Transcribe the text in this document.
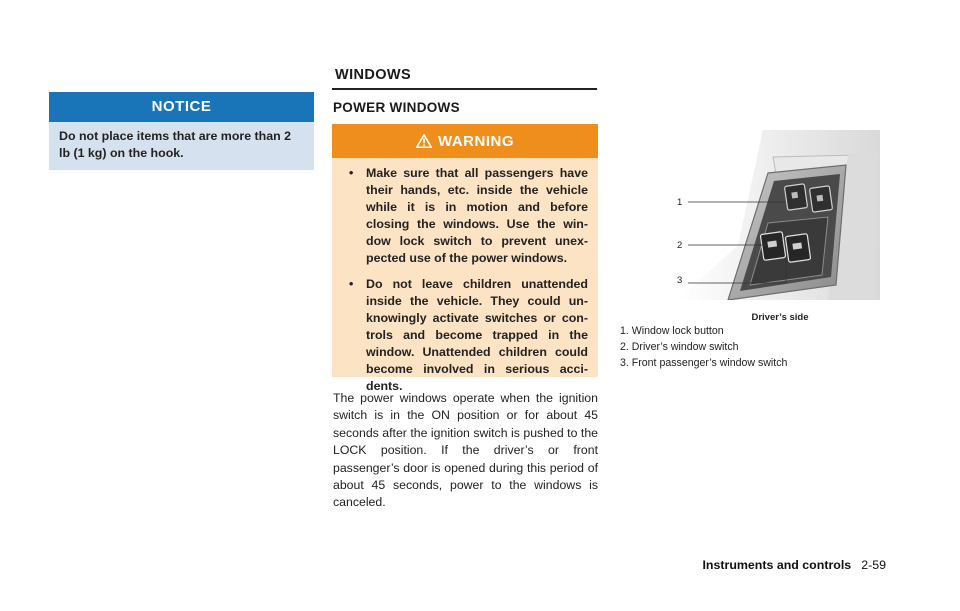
NOTICE
Do not place items that are more than 2 lb (1 kg) on the hook.
WINDOWS
POWER WINDOWS
WARNING
• Make sure that all passengers have their hands, etc. inside the vehicle while it is in motion and before closing the windows. Use the win- dow lock switch to prevent unex- pected use of the power windows.
• Do not leave children unattended inside the vehicle. They could un- knowingly activate switches or con- trols and become trapped in the window. Unattended children could become involved in serious acci- dents.
The power windows operate when the ignition switch is in the ON position or for about 45 seconds after the ignition switch is pushed to the LOCK position. If the driver’s or front passenger’s door is opened during this period of about 45 seconds, power to the windows is canceled.
1
2
3
Driver’s side
1. Window lock button
2. Driver’s window switch
3. Front passenger’s window switch
Instruments and controls 2-59
